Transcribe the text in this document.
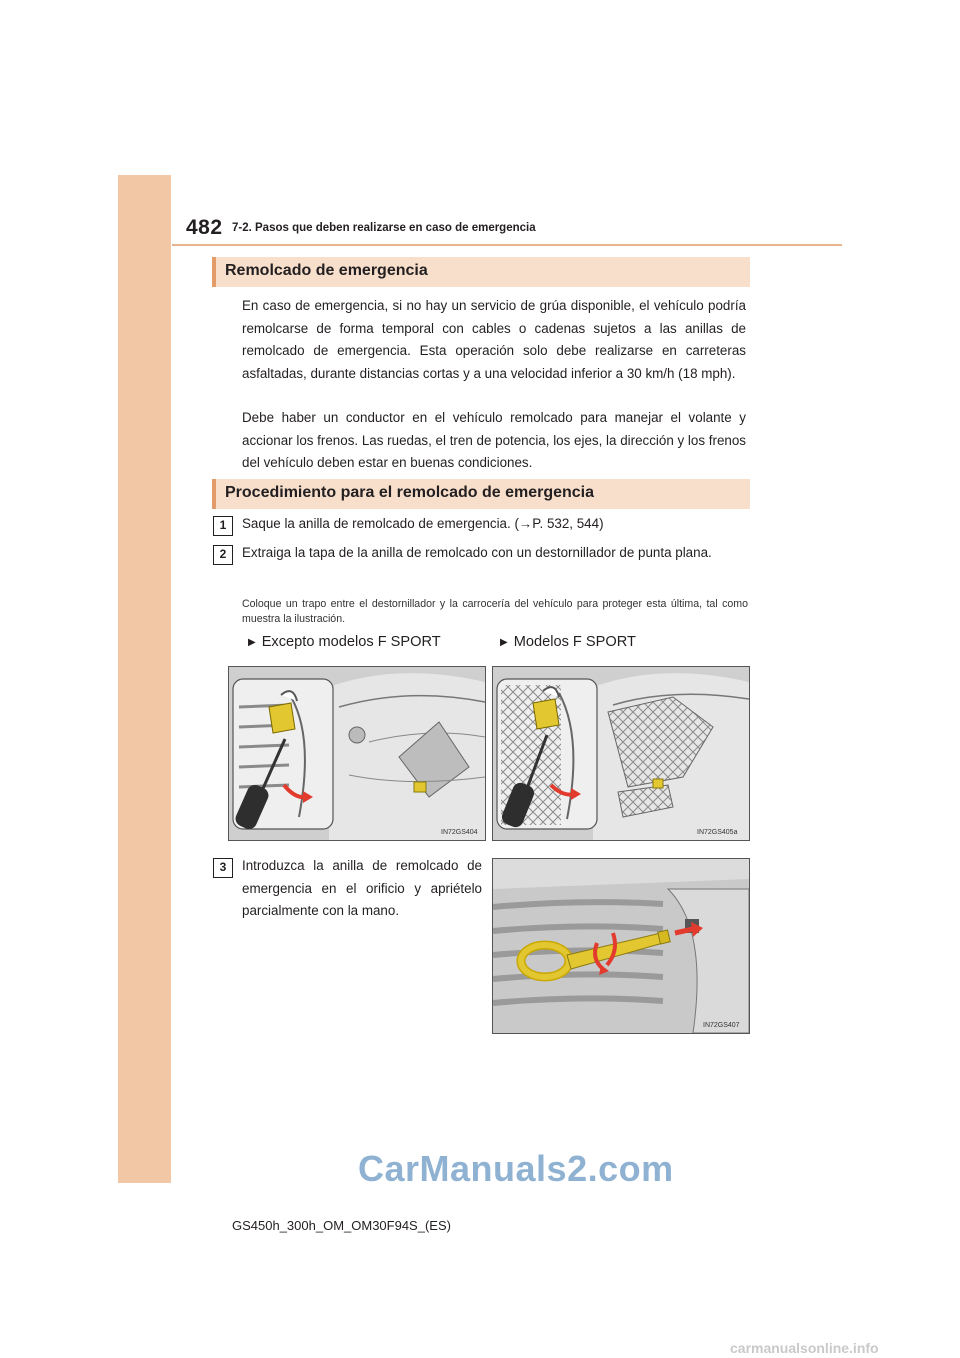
482 7-2. Pasos que deben realizarse en caso de emergencia
Remolcado de emergencia
En caso de emergencia, si no hay un servicio de grúa disponible, el vehículo podría remolcarse de forma temporal con cables o cadenas sujetos a las anillas de remolcado de emergencia. Esta operación solo debe realizarse en carreteras asfaltadas, durante distancias cortas y a una velocidad inferior a 30 km/h (18 mph).
Debe haber un conductor en el vehículo remolcado para manejar el volante y accionar los frenos. Las ruedas, el tren de potencia, los ejes, la dirección y los frenos del vehículo deben estar en buenas condiciones.
Procedimiento para el remolcado de emergencia
1	Saque la anilla de remolcado de emergencia. (→P. 532, 544)
2	Extraiga la tapa de la anilla de remolcado con un destornillador de punta plana.
Coloque un trapo entre el destornillador y la carrocería del vehículo para proteger esta última, tal como muestra la ilustración.
▶ Excepto modelos F SPORT	▶ Modelos F SPORT
IN72GS404	IN72GS405a
3	Introduzca la anilla de remolcado de emergencia en el orificio y apriételo parcialmente con la mano.
IN72GS407
CarManuals2.com
GS450h_300h_OM_OM30F94S_(ES)
carmanualsonline.info
